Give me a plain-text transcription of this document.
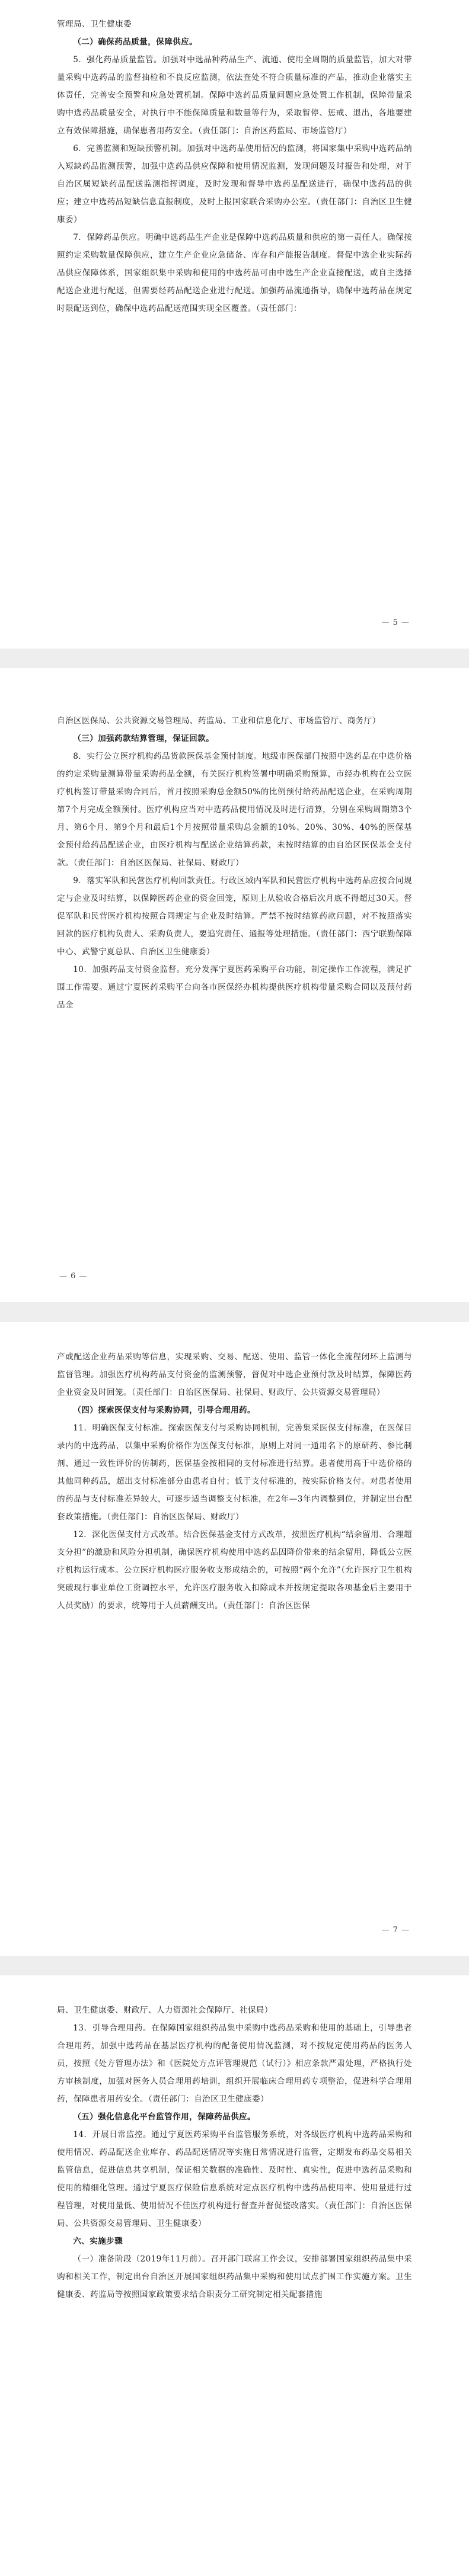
管理局、卫生健康委

（二）确保药品质量，保障供应。

5．强化药品质量监管。加强对中选品种药品生产、流通、使用全周期的质量监管，加大对带量采购中选药品的监督抽检和不良反应监测，依法查处不符合质量标准的产品，推动企业落实主体责任，完善安全预警和应急处置机制。保障中选药品质量问题应急处置工作机制，保障带量采购中选药品质量安全，对执行中不能保障质量和数量等行为，采取暂停、惩戒、退出，各地要建立有效保障措施，确保患者用药安全。（责任部门：自治区药监局、市场监管厅）

6．完善监测和短缺预警机制。加强对中选药品使用情况的监测，将国家集中采购中选药品纳入短缺药品监测预警，加强中选药品供应保障和使用情况监测，发现问题及时报告和处理，对于自治区属短缺药品配送监测指挥调度，及时发现和督导中选药品配送进行，确保中选药品的供应；建立中选药品短缺信息直报制度，及时上报国家联合采购办公室。（责任部门：自治区卫生健康委）

7．保障药品供应。明确中选药品生产企业是保障中选药品质量和供应的第一责任人。确保按照约定采购数量保障供应，建立生产企业应急储备、库存和产能报告制度。督促中选企业实际药品供应保障体系，国家组织集中采购和使用的中选药品可由中选生产企业直接配送，或自主选择配送企业进行配送，但需要经药品配送企业进行配送。加强药品流通指导，确保中选药品在规定时限配送到位，确保中选药品配送范围实现全区覆盖。（责任部门：

— 5 —

自治区医保局、公共资源交易管理局、药监局、工业和信息化厅、市场监管厅、商务厅）

（三）加强药款结算管理，保证回款。

8．实行公立医疗机构药品货款医保基金预付制度。地级市医保部门按照中选药品在中选价格的约定采购量测算带量采购药品金额，有关医疗机构签署中明确采购预算，市经办机构在公立医疗机构签订带量采购合同后，首月按照采购总金额50%的比例预付给药品配送企业，在采购周期第7个月完成全额预付。医疗机构应当对中选药品使用情况及时进行清算，分别在采购周期第3个月、第6个月、第9个月和最后1个月按照带量采购总金额的10%、20%、30%、40%的医保基金预付给药品配送企业，由医疗机构与配送企业结算药款，未按时结算的由自治区医保基金支付款。（责任部门：自治区医保局、社保局、财政厅）

9．落实军队和民营医疗机构回款责任。行政区域内军队和民营医疗机构中选药品应按合同规定与企业及时结算，以保障医药企业的资金回笼，原则上从验收合格后次月底不得超过30天。督促军队和民营医疗机构按照合同规定与企业及时结算。严禁不按时结算药款问题，对不按照落实回款的医疗机构负责人、采购负责人，要追究责任、通报等处理措施。（责任部门：西宁联勤保障中心、武警宁夏总队、自治区卫生健康委）

10．加强药品支付资金监督。充分发挥宁夏医药采购平台功能，制定操作工作流程，满足扩围工作需要。通过宁夏医药采购平台向各市医保经办机构提供医疗机构带量采购合同以及预付药品金

— 6 —

产或配送企业药品采购等信息，实现采购、交易、配送、使用、监管一体化全流程闭环上监测与监督管理。加强医疗机构药品支付资金的监测预警，督促对中选企业预付款及时结算，保障医药企业资金及时回笼。（责任部门：自治区医保局、社保局、财政厅、公共资源交易管理局）

（四）探索医保支付与采购协同，引导合理用药。

11．明确医保支付标准。探索医保支付与采购协同机制，完善集采医保支付标准，在医保目录内的中选药品，以集中采购价格作为医保支付标准，原则上对同一通用名下的原研药、参比制剂、通过一致性评价的仿制药，医保基金按相同的支付标准进行结算。患者使用高于中选价格的其他同种药品，超出支付标准部分由患者自付；低于支付标准的，按实际价格支付。对患者使用的药品与支付标准差异较大，可逐步适当调整支付标准，在2年—3年内调整到位，并制定出台配套政策措施。（责任部门：自治区医保局、财政厅）

12．深化医保支付方式改革。结合医保基金支付方式改革，按照医疗机构“结余留用、合理超支分担”的激励和风险分担机制，确保医疗机构使用中选药品因降价带来的结余留用，降低公立医疗机构运行成本。公立医疗机构医疗服务收支形成结余的，可按照“两个允许”（允许医疗卫生机构突破现行事业单位工资调控水平，允许医疗服务收入扣除成本并按规定提取各项基金后主要用于人员奖励）的要求，统筹用于人员薪酬支出。（责任部门：自治区医保

— 7 —

局、卫生健康委、财政厅、人力资源社会保障厅、社保局）

13．引导合理用药。在保障国家组织药品集中采购中选药品采购和使用的基础上，引导患者合理用药，加强中选药品在基层医疗机构的配备使用情况监测，对不按规定使用药品的医务人员，按照《处方管理办法》和《医院处方点评管理规范（试行）》相应条款严肃处理，严格执行处方审核制度，加强对医务人员合理用药培训，组织开展临床合理用药专项整治，促进科学合理用药，保障患者用药安全。（责任部门：自治区卫生健康委）

（五）强化信息化平台监管作用，保障药品供应。

14．开展日常监控。通过宁夏医药采购平台监管服务系统，对各级医疗机构中选药品采购和使用情况、药品配送企业库存、药品配送情况等实施日常情况进行监管，定期发布药品交易相关监管信息，促进信息共享机制，保证相关数据的准确性、及时性、真实性，促进中选药品采购和使用的精细化管理。通过宁夏医疗保险信息系统对定点医疗机构中选药品使用率、使用量进行过程管理，对使用量低、使用情况不佳医疗机构进行督查并督促整改落实。（责任部门：自治区医保局、公共资源交易管理局、卫生健康委）

六、实施步骤

（一）准备阶段（2019年11月前）。召开部门联席工作会议，安排部署国家组织药品集中采购和相关工作，制定出台自治区开展国家组织药品集中采购和使用试点扩围工作实施方案。卫生健康委、药监局等按照国家政策要求结合职责分工研究制定相关配套措施
